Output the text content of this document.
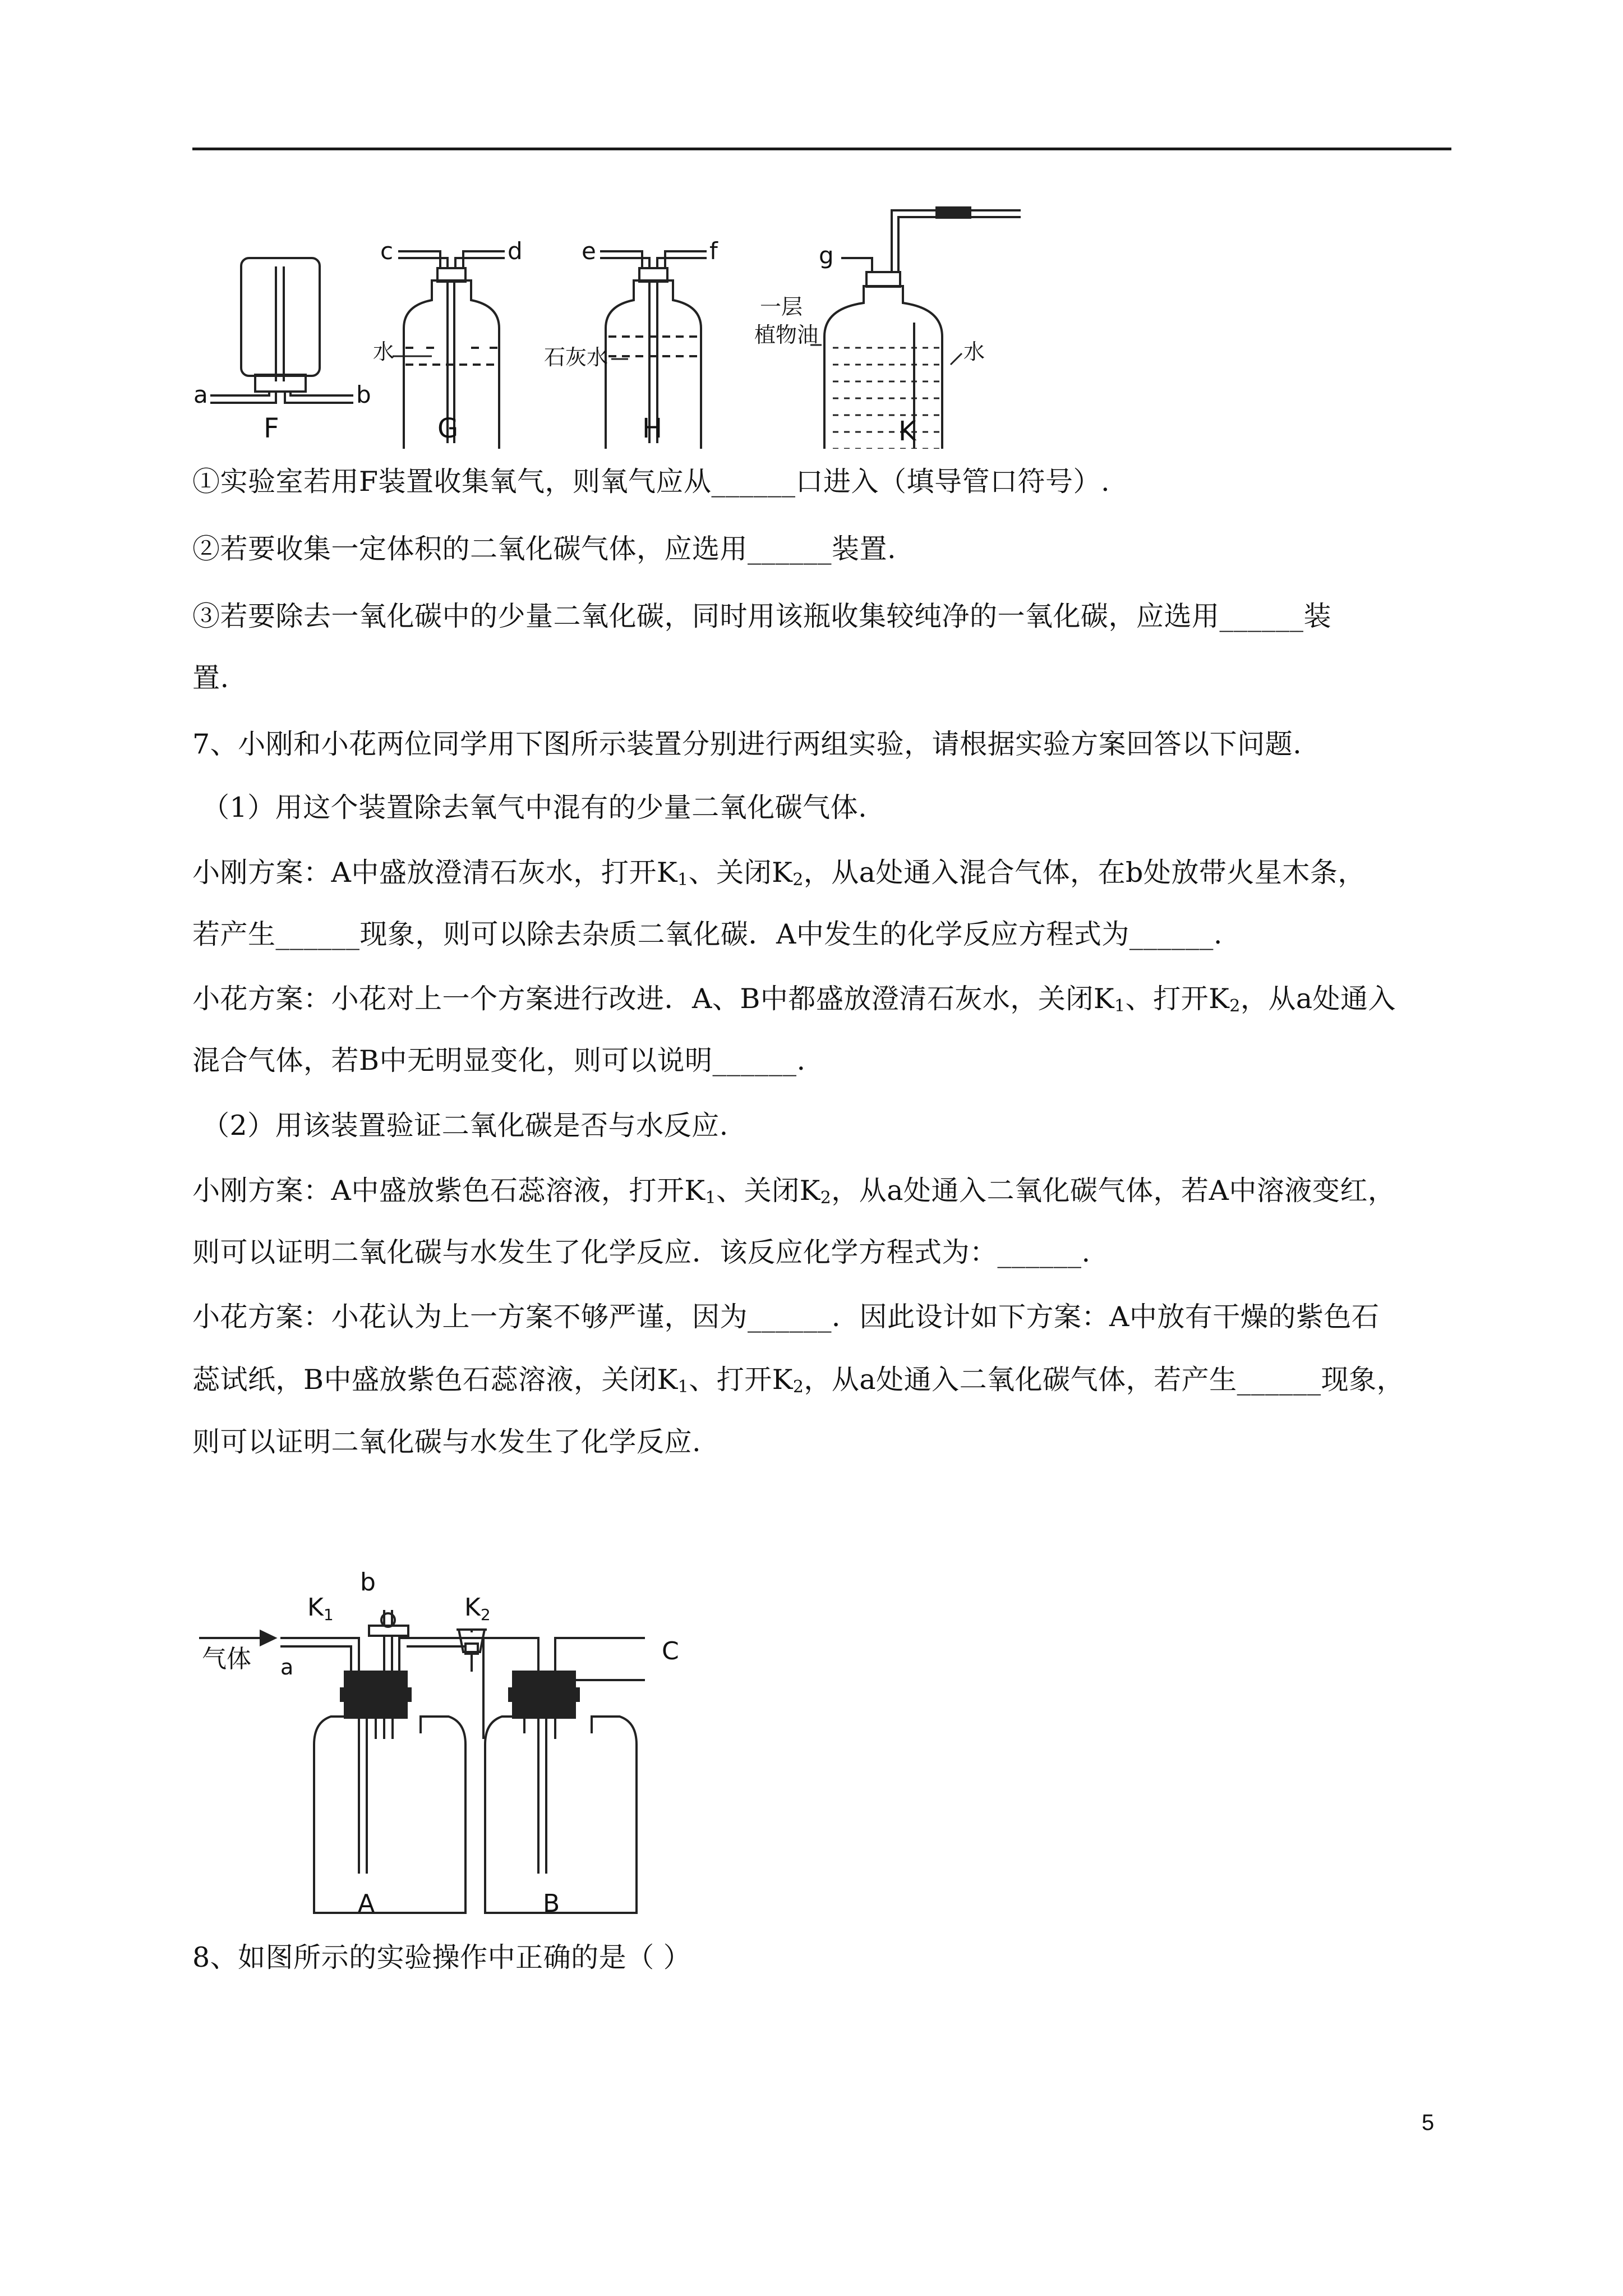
a	b
F
c	d
水
G
e	f
石灰水
H
g
一层
植物油
水
K
①实验室若用F装置收集氧气，则氧气应从______口进入（填导管口符号）.
②若要收集一定体积的二氧化碳气体，应选用______装置.
③若要除去一氧化碳中的少量二氧化碳，同时用该瓶收集较纯净的一氧化碳，应选用______装
置.
7、小刚和小花两位同学用下图所示装置分别进行两组实验，请根据实验方案回答以下问题.
（1）用这个装置除去氧气中混有的少量二氧化碳气体.
小刚方案：A中盛放澄清石灰水，打开$K_1$、关闭$K_2$，从a处通入混合气体，在b处放带火星木条，
若产生______现象，则可以除去杂质二氧化碳．A中发生的化学反应方程式为______.
小花方案：小花对上一个方案进行改进．A、B中都盛放澄清石灰水，关闭$K_1$、打开$K_2$，从a处通入
混合气体，若B中无明显变化，则可以说明______.
（2）用该装置验证二氧化碳是否与水反应.
小刚方案：A中盛放紫色石蕊溶液，打开$K_1$、关闭$K_2$，从a处通入二氧化碳气体，若A中溶液变红，
则可以证明二氧化碳与水发生了化学反应．该反应化学方程式为：______.
小花方案：小花认为上一方案不够严谨，因为______．因此设计如下方案：A中放有干燥的紫色石
蕊试纸，B中盛放紫色石蕊溶液，关闭$K_1$、打开$K_2$，从a处通入二氧化碳气体，若产生______现象，
则可以证明二氧化碳与水发生了化学反应.
b
K1	K2
气体 a
C
A	B
8、如图所示的实验操作中正确的是（ ）
5
